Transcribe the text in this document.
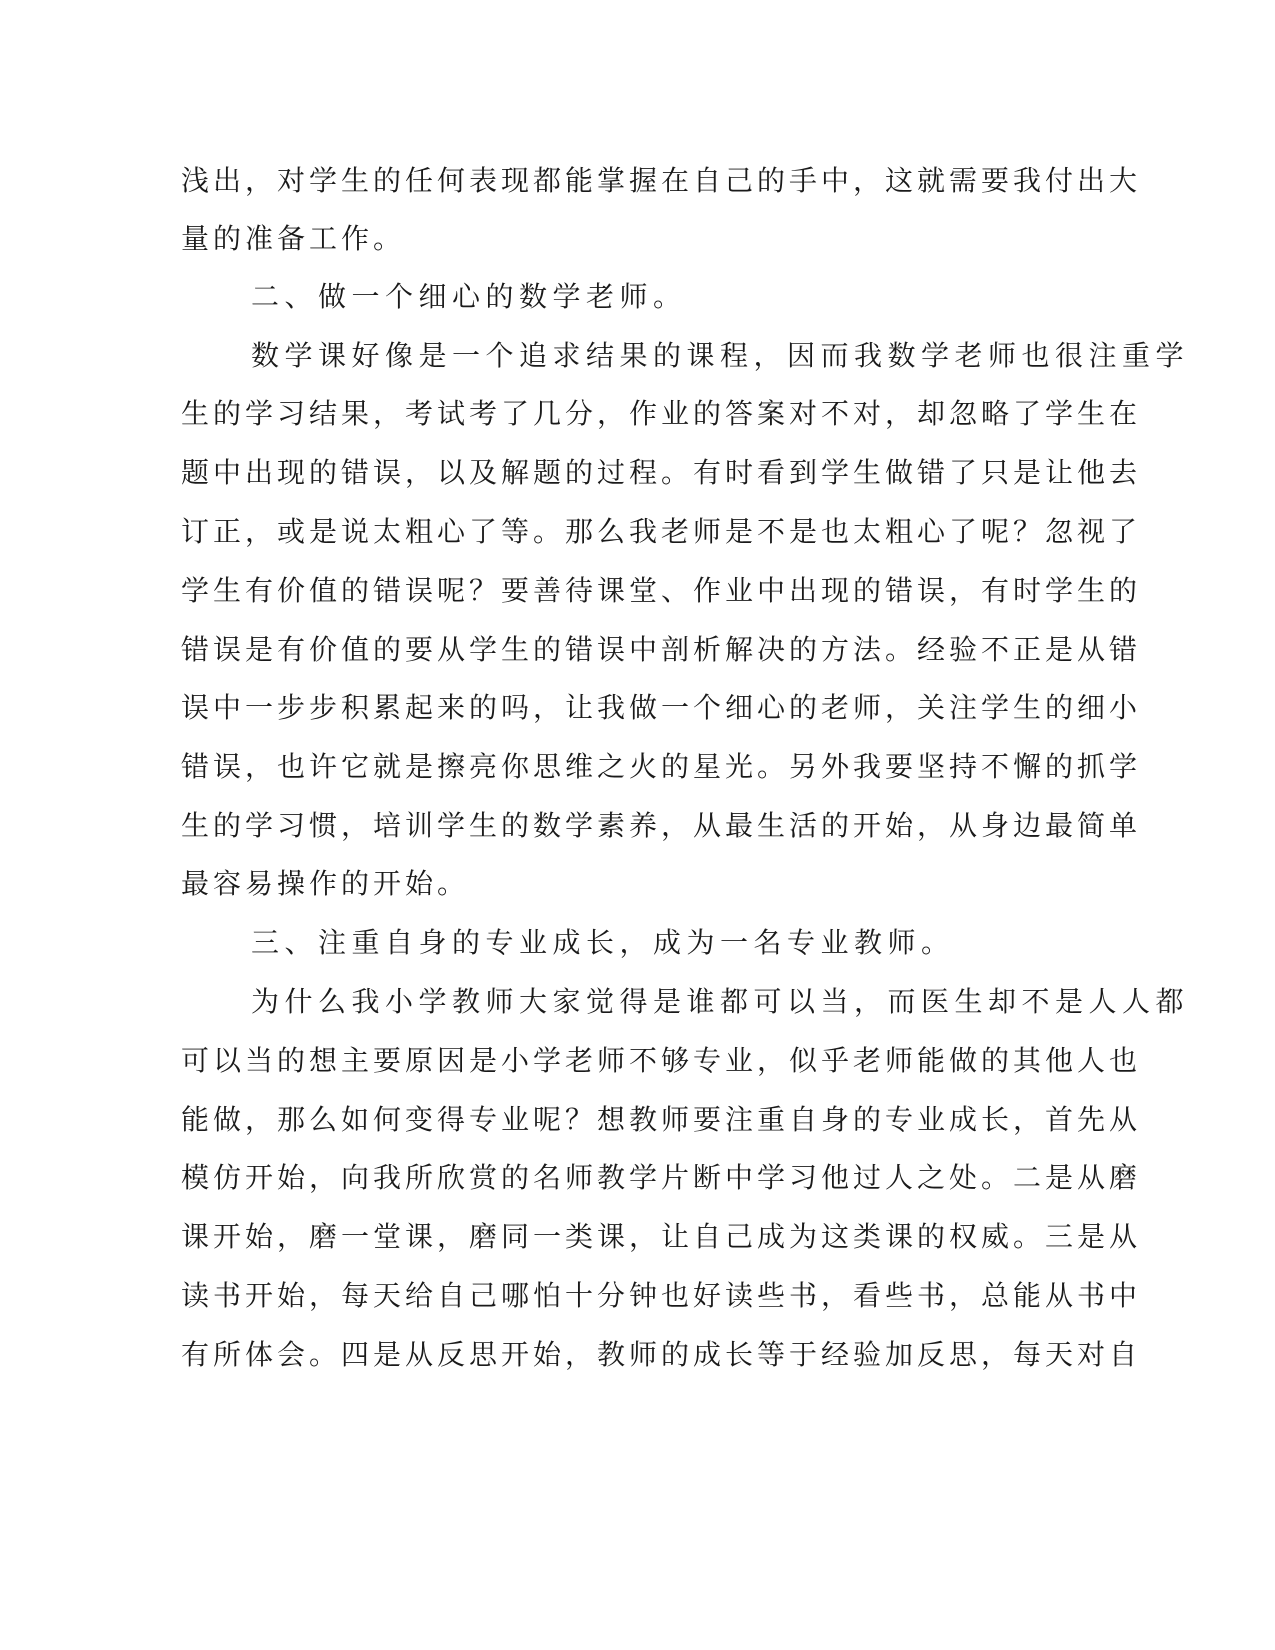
浅出，对学生的任何表现都能掌握在自己的手中，这就需要我付出大
量的准备工作。
二、做一个细心的数学老师。
数学课好像是一个追求结果的课程，因而我数学老师也很注重学
生的学习结果，考试考了几分，作业的答案对不对，却忽略了学生在
题中出现的错误，以及解题的过程。有时看到学生做错了只是让他去
订正，或是说太粗心了等。那么我老师是不是也太粗心了呢？忽视了
学生有价值的错误呢？要善待课堂、作业中出现的错误，有时学生的
错误是有价值的要从学生的错误中剖析解决的方法。经验不正是从错
误中一步步积累起来的吗，让我做一个细心的老师，关注学生的细小
错误，也许它就是擦亮你思维之火的星光。另外我要坚持不懈的抓学
生的学习惯，培训学生的数学素养，从最生活的开始，从身边最简单
最容易操作的开始。
三、注重自身的专业成长，成为一名专业教师。
为什么我小学教师大家觉得是谁都可以当，而医生却不是人人都
可以当的想主要原因是小学老师不够专业，似乎老师能做的其他人也
能做，那么如何变得专业呢？想教师要注重自身的专业成长，首先从
模仿开始，向我所欣赏的名师教学片断中学习他过人之处。二是从磨
课开始，磨一堂课，磨同一类课，让自己成为这类课的权威。三是从
读书开始，每天给自己哪怕十分钟也好读些书，看些书，总能从书中
有所体会。四是从反思开始，教师的成长等于经验加反思，每天对自
